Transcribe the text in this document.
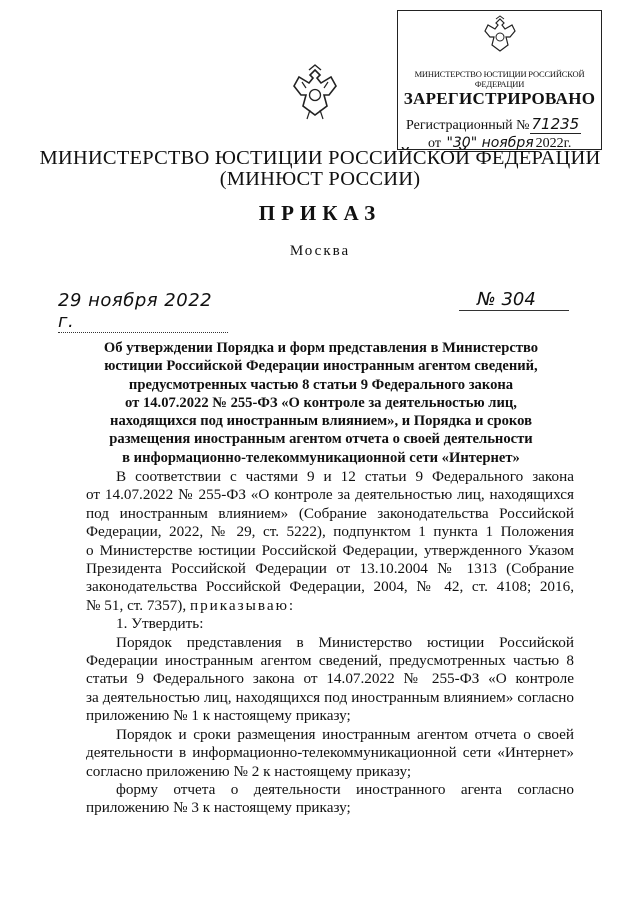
МИНИСТЕРСТВО ЮСТИЦИИ РОССИЙСКОЙ ФЕДЕРАЦИИ
ЗАРЕГИСТРИРОВАНО
Регистрационный № 71235
от "30" ноября 2022г.
МИНИСТЕРСТВО ЮСТИЦИИ РОССИЙСКОЙ ФЕДЕРАЦИИ
(МИНЮСТ РОССИИ)
ПРИКАЗ
Москва
29 ноября 2022 г.
№ 304
Об утверждении Порядка и форм представления в Министерство
юстиции Российской Федерации иностранным агентом сведений,
предусмотренных частью 8 статьи 9 Федерального закона
от 14.07.2022 № 255-ФЗ «О контроле за деятельностью лиц,
находящихся под иностранным влиянием», и Порядка и сроков
размещения иностранным агентом отчета о своей деятельности
в информационно-телекоммуникационной сети «Интернет»
В соответствии с частями 9 и 12 статьи 9 Федерального закона
от 14.07.2022 № 255-ФЗ «О контроле за деятельностью лиц, находящихся
под иностранным влиянием» (Собрание законодательства Российской
Федерации, 2022, № 29, ст. 5222), подпунктом 1 пункта 1 Положения
о Министерстве юстиции Российской Федерации, утвержденного Указом
Президента Российской Федерации от 13.10.2004 № 1313 (Собрание
законодательства Российской Федерации, 2004, № 42, ст. 4108; 2016,
№ 51, ст. 7357), приказываю:
1. Утвердить:
Порядок представления в Министерство юстиции Российской
Федерации иностранным агентом сведений, предусмотренных частью 8
статьи 9 Федерального закона от 14.07.2022 № 255-ФЗ «О контроле
за деятельностью лиц, находящихся под иностранным влиянием» согласно
приложению № 1 к настоящему приказу;
Порядок и сроки размещения иностранным агентом отчета о своей
деятельности в информационно-телекоммуникационной сети «Интернет»
согласно приложению № 2 к настоящему приказу;
форму отчета о деятельности иностранного агента согласно
приложению № 3 к настоящему приказу;
